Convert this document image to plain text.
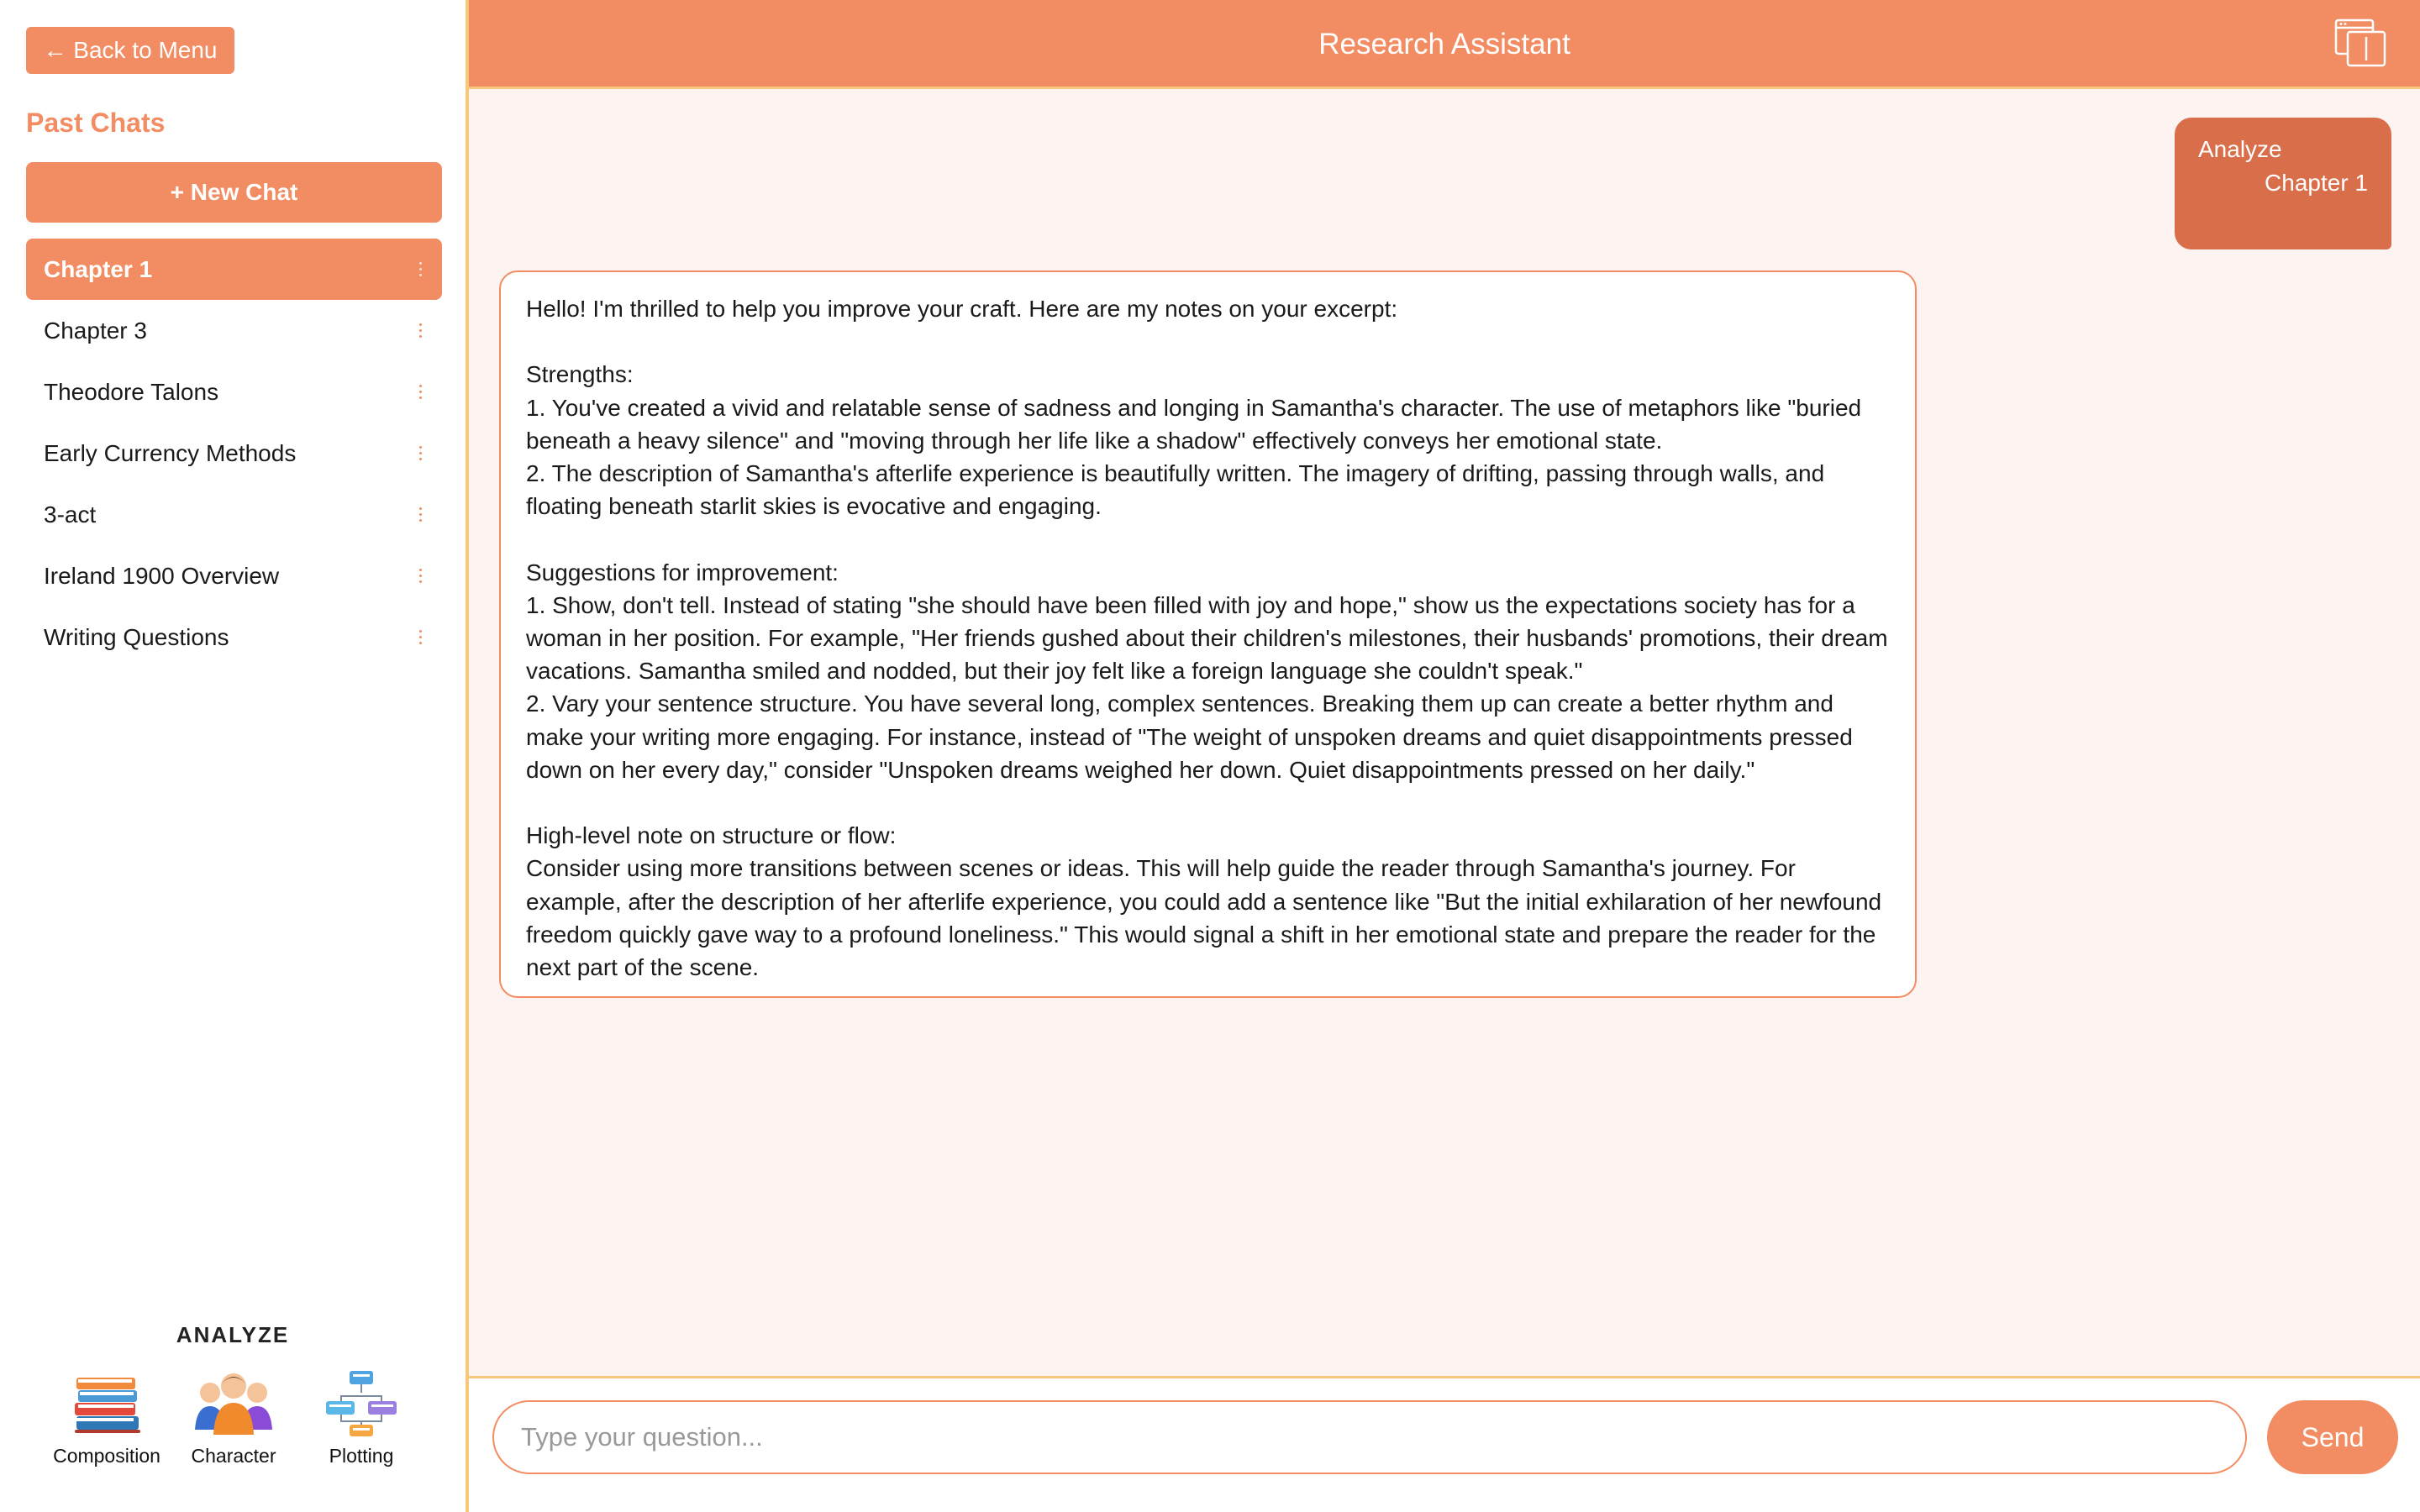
← Back to Menu
Past Chats
+ New Chat
Chapter 1
Chapter 3
Theodore Talons
Early Currency Methods
3-act
Ireland 1900 Overview
Writing Questions
ANALYZE
Composition	Character	Plotting
Research Assistant
Analyze
Chapter 1

Hello! I'm thrilled to help you improve your craft. Here are my notes on your excerpt:

Strengths:

1. You've created a vivid and relatable sense of sadness and longing in Samantha's character. The use of metaphors like "buried beneath a heavy silence" and "moving through her life like a shadow" effectively conveys her emotional state.

2. The description of Samantha's afterlife experience is beautifully written. The imagery of drifting, passing through walls, and floating beneath starlit skies is evocative and engaging.

Suggestions for improvement:

1. Show, don't tell. Instead of stating "she should have been filled with joy and hope," show us the expectations society has for a woman in her position. For example, "Her friends gushed about their children's milestones, their husbands' promotions, their dream vacations. Samantha smiled and nodded, but their joy felt like a foreign language she couldn't speak."

2. Vary your sentence structure. You have several long, complex sentences. Breaking them up can create a better rhythm and make your writing more engaging. For instance, instead of "The weight of unspoken dreams and quiet disappointments pressed down on her every day," consider "Unspoken dreams weighed her down. Quiet disappointments pressed on her daily."

High-level note on structure or flow:

Consider using more transitions between scenes or ideas. This will help guide the reader through Samantha's journey. For example, after the description of her afterlife experience, you could add a sentence like "But the initial exhilaration of her newfound freedom quickly gave way to a profound loneliness." This would signal a shift in her emotional state and prepare the reader for the next part of the scene.

Type your question...
Send
